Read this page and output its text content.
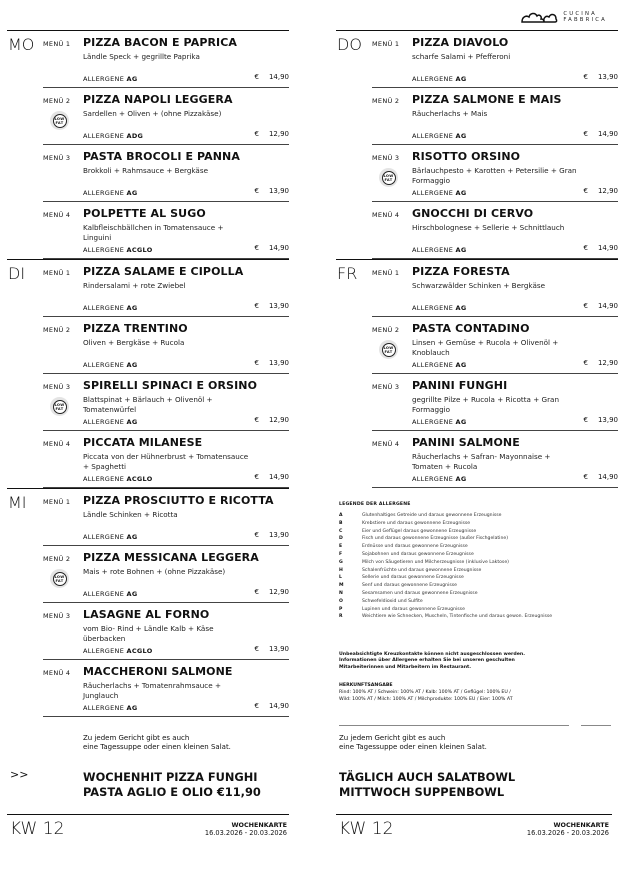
CUCINA
FABBRICA
MO	MENÜ 1	PIZZA BACON E PAPRICA
Ländle Speck + gegrillte Paprika
ALLERGENE AG	€ 14,90
MENÜ 2
LOW
FAT
PIZZA NAPOLI LEGGERA
Sardellen + Oliven + (ohne Pizzakäse)
ALLERGENE ADG	€ 12,90
MENÜ 3	PASTA BROCOLI E PANNA
Brokkoli + Rahmsauce + Bergkäse
ALLERGENE AG	€ 13,90
MENÜ 4	POLPETTE AL SUGO
Kalbfleischbällchen in Tomatensauce + Linguini
ALLERGENE ACGLO	€ 14,90
DI	MENÜ 1	PIZZA SALAME E CIPOLLA
Rindersalami + rote Zwiebel
ALLERGENE AG	€ 13,90
MENÜ 2	PIZZA TRENTINO
Oliven + Bergkäse + Rucola
ALLERGENE AG	€ 13,90
MENÜ 3
LOW
FAT
SPIRELLI SPINACI E ORSINO
Blattspinat + Bärlauch + Olivenöl + Tomatenwürfel
ALLERGENE AG	€ 12,90
MENÜ 4	PICCATA MILANESE
Piccata von der Hühnerbrust + Tomatensauce + Spaghetti
ALLERGENE ACGLO	€ 14,90
MI	MENÜ 1	PIZZA PROSCIUTTO E RICOTTA
Ländle Schinken + Ricotta
ALLERGENE AG	€ 13,90
MENÜ 2
LOW
FAT
PIZZA MESSICANA LEGGERA
Mais + rote Bohnen + (ohne Pizzakäse)
ALLERGENE AG	€ 12,90
MENÜ 3	LASAGNE AL FORNO
vom Bio- Rind + Ländle Kalb + Käse überbacken
ALLERGENE ACGLO	€ 13,90
MENÜ 4	MACCHERONI SALMONE
Räucherlachs + Tomatenrahmsauce + Junglauch
ALLERGENE AG	€ 14,90
DO	MENÜ 1	PIZZA DIAVOLO
scharfe Salami + Pfefferoni
ALLERGENE AG	€ 13,90
MENÜ 2	PIZZA SALMONE E MAIS
Räucherlachs + Mais
ALLERGENE AG	€ 14,90
MENÜ 3
LOW
FAT
RISOTTO ORSINO
Bärlauchpesto + Karotten + Petersilie + Gran Formaggio
ALLERGENE AG	€ 12,90
MENÜ 4	GNOCCHI DI CERVO
Hirschbolognese + Sellerie + Schnittlauch
ALLERGENE AG	€ 14,90
FR	MENÜ 1	PIZZA FORESTA
Schwarzwälder Schinken + Bergkäse
ALLERGENE AG	€ 14,90
MENÜ 2
LOW
FAT
PASTA CONTADINO
Linsen + Gemüse + Rucola + Olivenöl + Knoblauch
ALLERGENE AG	€ 12,90
MENÜ 3	PANINI FUNGHI
gegrillte Pilze + Rucola + Ricotta + Gran Formaggio
ALLERGENE AG	€ 13,90
MENÜ 4	PANINI SALMONE
Räucherlachs + Safran- Mayonnaise + Tomaten + Rucola
ALLERGENE AG	€ 14,90
LEGENDE DER ALLERGENE
A	Glutenhaltiges Getreide und daraus gewonnene Erzeugnisse
B	Krebstiere und daraus gewonnene Erzeugnisse
C	Eier und Geflügel daraus gewonnene Erzeugnisse
D	Fisch und daraus gewonnene Erzeugnisse (außer Fischgelatine)
E	Erdnüsse und daraus gewonnene Erzeugnisse
F	Sojabohnen und daraus gewonnene Erzeugnisse
G	Milch von Säugetieren und Milcherzeugnisse (inklusive Laktose)
H	Schalenfrüchte und daraus gewonnene Erzeugnisse
L	Sellerie und daraus gewonnene Erzeugnisse
M	Senf und daraus gewonnene Erzeugnisse
N	Sesamsamen und daraus gewonnene Erzeugnisse
O	Schwefeldioxid und Sulfite
P	Lupinen und daraus gewonnene Erzeugnisse
R	Weichtiere wie Schnecken, Muscheln, Tintenfische und daraus gewon. Erzeugnisse
Unbeabsichtigte Kreuzkontakte können nicht ausgeschlossen werden.
Informationen über Allergene erhalten Sie bei unseren geschulten
Mitarbeiterinnen und Mitarbeitern im Restaurant.
HERKUNFTSANGABE
Rind: 100% AT / Schwein: 100% AT / Kalb: 100% AT / Geflügel: 100% EU /
Wild: 100% AT / Milch: 100% AT / Milchprodukte: 100% EU / Eier: 100% AT
Zu jedem Gericht gibt es auch
eine Tagessuppe oder einen kleinen Salat.
Zu jedem Gericht gibt es auch
eine Tagessuppe oder einen kleinen Salat.
>>	WOCHENHIT PIZZA FUNGHI
PASTA AGLIO E OLIO €11,90
TÄGLICH AUCH SALATBOWL
MITTWOCH SUPPENBOWL
KW 12	KW 12
WOCHENKARTE
16.03.2026 - 20.03.2026
WOCHENKARTE
16.03.2026 - 20.03.2026
